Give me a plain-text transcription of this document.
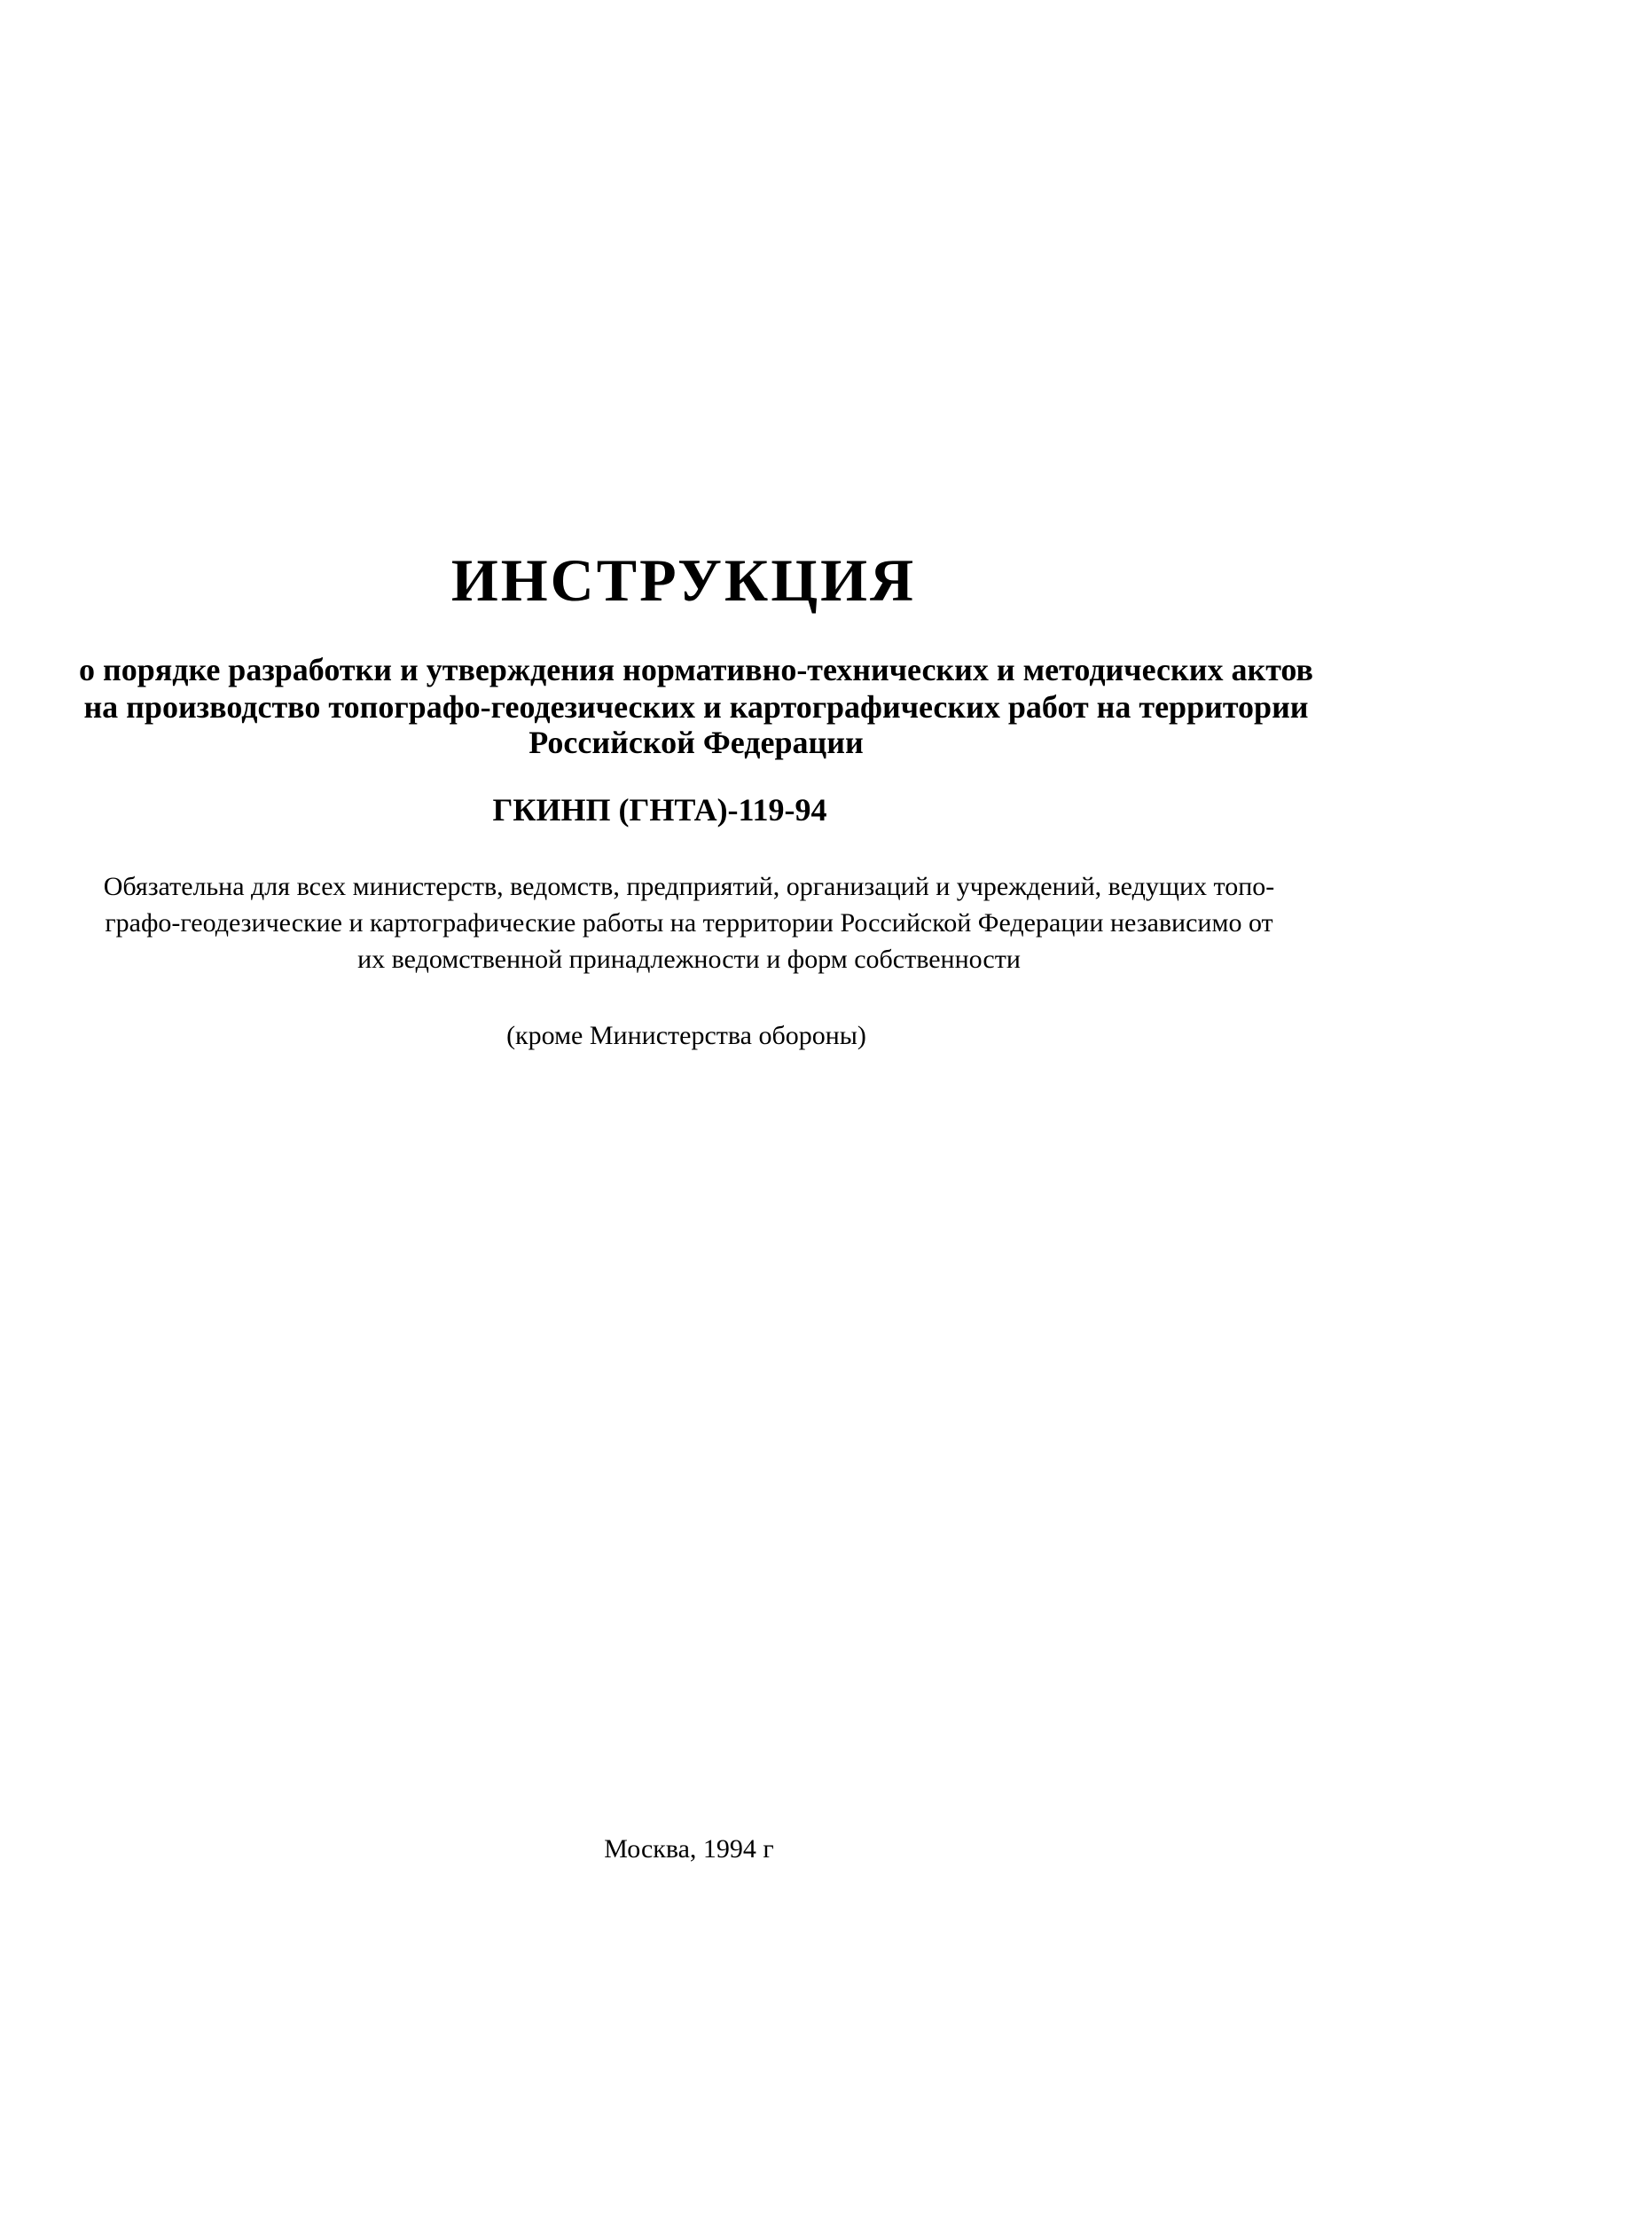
ИНСТРУКЦИЯ
о порядке разработки и утверждения нормативно-технических и методических актов
на производство топографо-геодезических и картографических работ на территории
Российской Федерации
ГКИНП (ГНТА)-119-94
Обязательна для всех министерств, ведомств, предприятий, организаций и учреждений, ведущих топо-
графо-геодезические и картографические работы на территории Российской Федерации независимо от
их ведомственной принадлежности и форм собственности
(кроме Министерства обороны)
Москва, 1994 г
